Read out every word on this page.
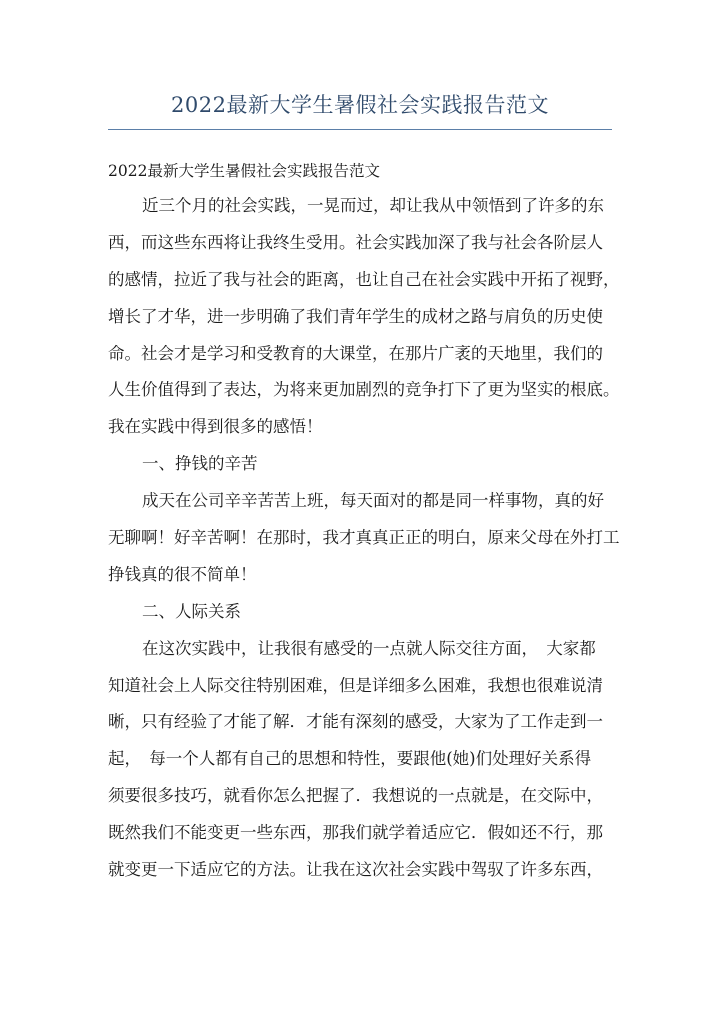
2022最新大学生暑假社会实践报告范文
2022最新大学生暑假社会实践报告范文
近三个月的社会实践，一晃而过，却让我从中领悟到了许多的东
西，而这些东西将让我终生受用。社会实践加深了我与社会各阶层人
的感情，拉近了我与社会的距离，也让自己在社会实践中开拓了视野，
增长了才华，进一步明确了我们青年学生的成材之路与肩负的历史使
命。社会才是学习和受教育的大课堂，在那片广袤的天地里，我们的
人生价值得到了表达，为将来更加剧烈的竞争打下了更为坚实的根底。
我在实践中得到很多的感悟！
一、挣钱的辛苦
成天在公司辛辛苦苦上班，每天面对的都是同一样事物，真的好
无聊啊！好辛苦啊！在那时，我才真真正正的明白，原来父母在外打工
挣钱真的很不简单！
二、人际关系
在这次实践中，让我很有感受的一点就人际交往方面，　大家都
知道社会上人际交往特别困难，但是详细多么困难，我想也很难说清
晰，只有经验了才能了解．才能有深刻的感受，大家为了工作走到一
起，　每一个人都有自己的思想和特性，要跟他(她)们处理好关系得
须要很多技巧，就看你怎么把握了．我想说的一点就是，在交际中，
既然我们不能变更一些东西，那我们就学着适应它．假如还不行，那
就变更一下适应它的方法。让我在这次社会实践中驾驭了许多东西，
